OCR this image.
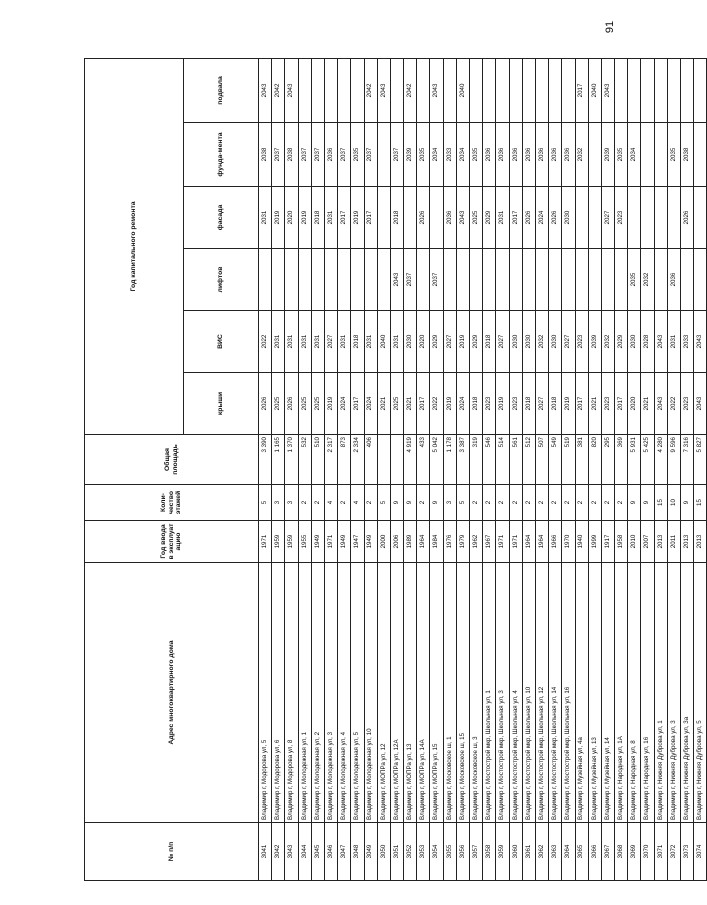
91
№ п/п	Адрес многоквартирного дома	Год ввода в эксплуат ацию	Коли-чество этажей	Общая площадь	Год капитального ремонта					
					крыши	ВИС	лифтов	фасада	фунда-мента	подвала
3041	Владимир г, Модорова ул, 5	1971	5	3 390	2026	2022		2031	2038	2043
3042	Владимир г, Модорова ул, 6	1959	3	1 165	2025	2031		2019	2037	2042
3043	Владимир г, Модорова ул, 8	1959	3	1 370	2026	2031		2020	2038	2043
3044	Владимир г, Молодежная ул, 1	1955	2	532	2025	2031		2019	2037	
3045	Владимир г, Молодежная ул, 2	1949	2	510	2025	2031		2018	2037	
3046	Владимир г, Молодежная ул, 3	1971	4	2 317	2019	2027		2031	2036	
3047	Владимир г, Молодежная ул, 4	1949	2	873	2024	2031		2017	2037	
3048	Владимир г, Молодежная ул, 5	1947	4	2 334	2017	2018		2019	2035	
3049	Владимир г, Молодежная ул, 10	1949	2	406	2024	2031		2017	2037	2042
3050	Владимир г, МОПРа ул, 12	2000	5		2021	2040				2043
3051	Владимир г, МОПРа ул, 12А	2006	9		2025	2031	2043	2018	2037	
3052	Владимир г, МОПРа ул, 13	1989	9	4 919	2021	2030	2037		2039	2042
3053	Владимир г, МОПРа ул, 14А	1964	2	433	2017	2020		2026	2035	
3054	Владимир г, МОПРа ул, 15	1984	9	5 042	2022	2029	2037		2034	2043
3055	Владимир г, Московское ш, 1	1976	3	1 178	2019	2027		2036	2033	
3056	Владимир г, Московское ш, 15	1979	5	3 387	2024	2019		2043	2034	2040
3057	Владимир г, Московское ш, 3	1962	2	319	2018	2029		2025	2035	
3058	Владимир г, Мостострой мкр, Школьная ул, 1	1967	2	546	2023	2018		2029	2036	
3059	Владимир г, Мостострой мкр, Школьная ул, 3	1971	2	514	2019	2027		2031	2036	
3060	Владимир г, Мостострой мкр, Школьная ул, 4	1971	2	561	2023	2030		2017	2036	
3061	Владимир г, Мостострой мкр, Школьная ул, 10	1964	2	512	2018	2030		2026	2036	
3062	Владимир г, Мостострой мкр, Школьная ул, 12	1964	2	507	2027	2032		2024	2036	
3063	Владимир г, Мостострой мкр, Школьная ул, 14	1966	2	549	2018	2030		2026	2036	
3064	Владимир г, Мостострой мкр, Школьная ул, 16	1970	2	519	2019	2027		2030	2036	
3065	Владимир г, Музейная ул, 4а	1940	2	381	2017	2023			2032	2017
3066	Владимир г, Музейная ул, 13	1999	2	820	2021	2039				2040
3067	Владимир г, Музейная ул, 14	1917	2	295	2023	2032		2027	2039	2043
3068	Владимир г, Народная ул, 1А	1958	2	369	2017	2029		2023	2035	
3069	Владимир г, Народная ул, 8	2010	9	5 931	2020	2030	2035		2034	
3070	Владимир г, Народная ул, 16	2007	9	5 425	2021	2028	2032			
3071	Владимир г, Нижняя Дуброва ул, 1	2013	15	4 280	2043	2043				
3072	Владимир г, Нижняя Дуброва ул, 3	2011	10	9 596	2022	2031	2036		2035	
3073	Владимир г, Нижняя Дуброва ул, 3а	2013	9	7 316	2023	2033		2026	2038	
3074	Владимир г, Нижняя Дуброва ул, 5	2013	15	5 827	2043	2043				
